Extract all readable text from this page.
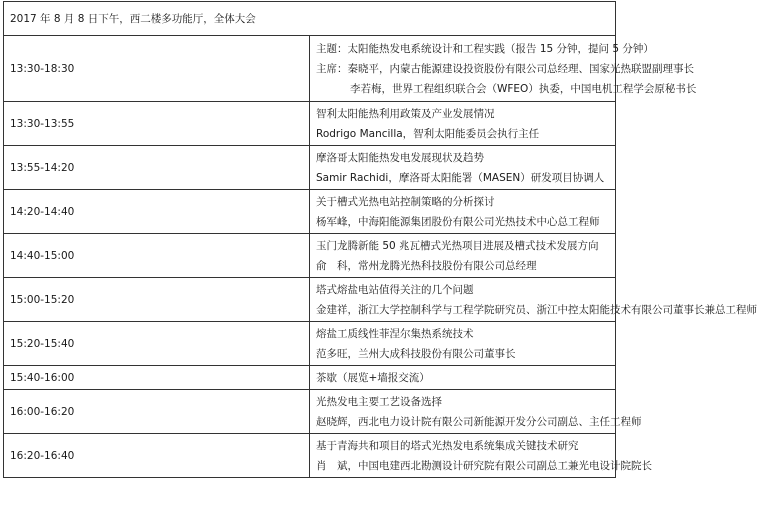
2017 年 8 月 8 日下午，西二楼多功能厅，全体大会	
13:30-18:30	主题：太阳能热发电系统设计和工程实践（报告 15 分钟，提问 5 分钟）
主席：秦晓平，内蒙古能源建设投资股份有限公司总经理、国家光热联盟副理事长
李若梅，世界工程组织联合会（WFEO）执委，中国电机工程学会原秘书长

13:30-13:55	智利太阳能热利用政策及产业发展情况
Rodrigo Mancilla，智利太阳能委员会执行主任

13:55-14:20	摩洛哥太阳能热发电发展现状及趋势
Samir Rachidi，摩洛哥太阳能署（MASEN）研发项目协调人

14:20-14:40	关于槽式光热电站控制策略的分析探讨
杨军峰，中海阳能源集团股份有限公司光热技术中心总工程师

14:40-15:00	玉门龙腾新能 50 兆瓦槽式光热项目进展及槽式技术发展方向
俞　科，常州龙腾光热科技股份有限公司总经理

15:00-15:20	塔式熔盐电站值得关注的几个问题
金建祥，浙江大学控制科学与工程学院研究员、浙江中控太阳能技术有限公司董事长兼总工程师

15:20-15:40	熔盐工质线性菲涅尔集热系统技术
范多旺，兰州大成科技股份有限公司董事长

15:40-16:00	茶歇（展览+墙报交流）

16:00-16:20	光热发电主要工艺设备选择
赵晓辉，西北电力设计院有限公司新能源开发分公司副总、主任工程师

16:20-16:40	基于青海共和项目的塔式光热发电系统集成关键技术研究
肖　斌，中国电建西北勘测设计研究院有限公司副总工兼光电设计院院长
